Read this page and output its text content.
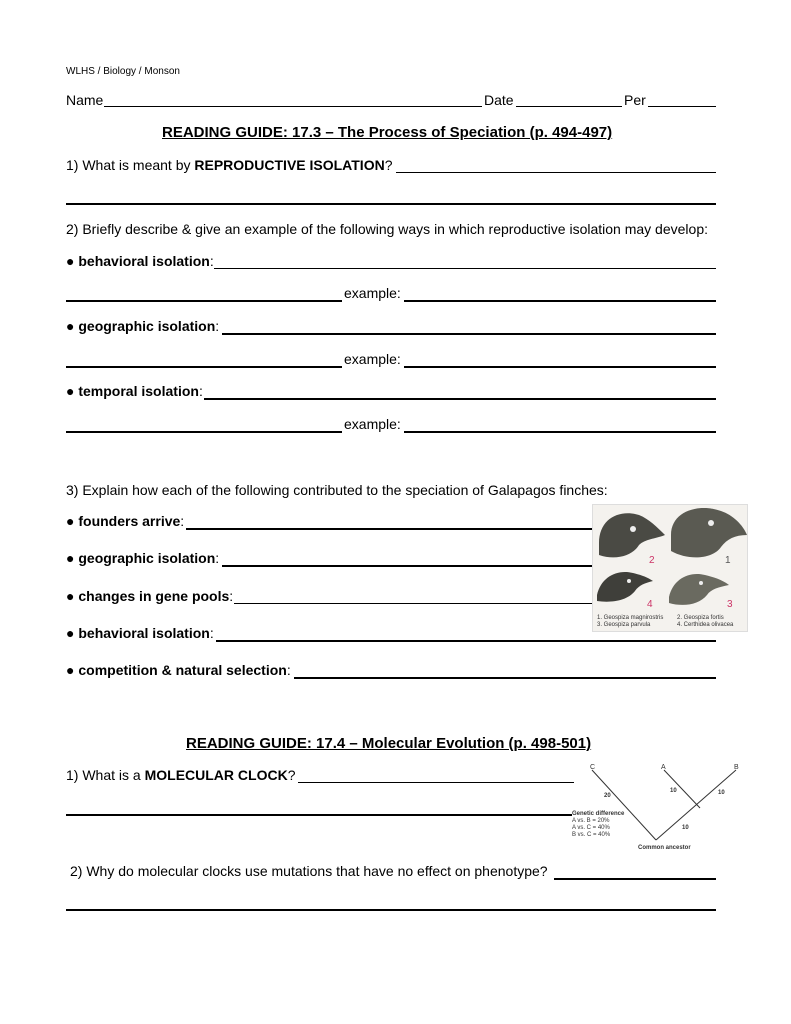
WLHS / Biology / Monson
Name	Date	Per
READING GUIDE: 17.3 – The Process of Speciation (p. 494-497)
1) What is meant by REPRODUCTIVE ISOLATION?
2) Briefly describe & give an example of the following ways in which reproductive isolation may develop:
● behavioral isolation:
example:
● geographic isolation:
example:
● temporal isolation:
example:
3) Explain how each of the following contributed to the speciation of Galapagos finches:
● founders arrive:
● geographic isolation:
● changes in gene pools:
● behavioral isolation:
● competition & natural selection:
2	1
4	3
1. Geospiza magnirostris
3. Geospiza parvula
2. Geospiza fortis
4. Certhidea olivacea
READING GUIDE: 17.4 – Molecular Evolution (p. 498-501)
1) What is a MOLECULAR CLOCK?	C	A	B
20
10	10
10
Genetic difference
A vs. B = 20%
A vs. C = 40%
B vs. C = 40%
Common ancestor
2) Why do molecular clocks use mutations that have no effect on phenotype?
